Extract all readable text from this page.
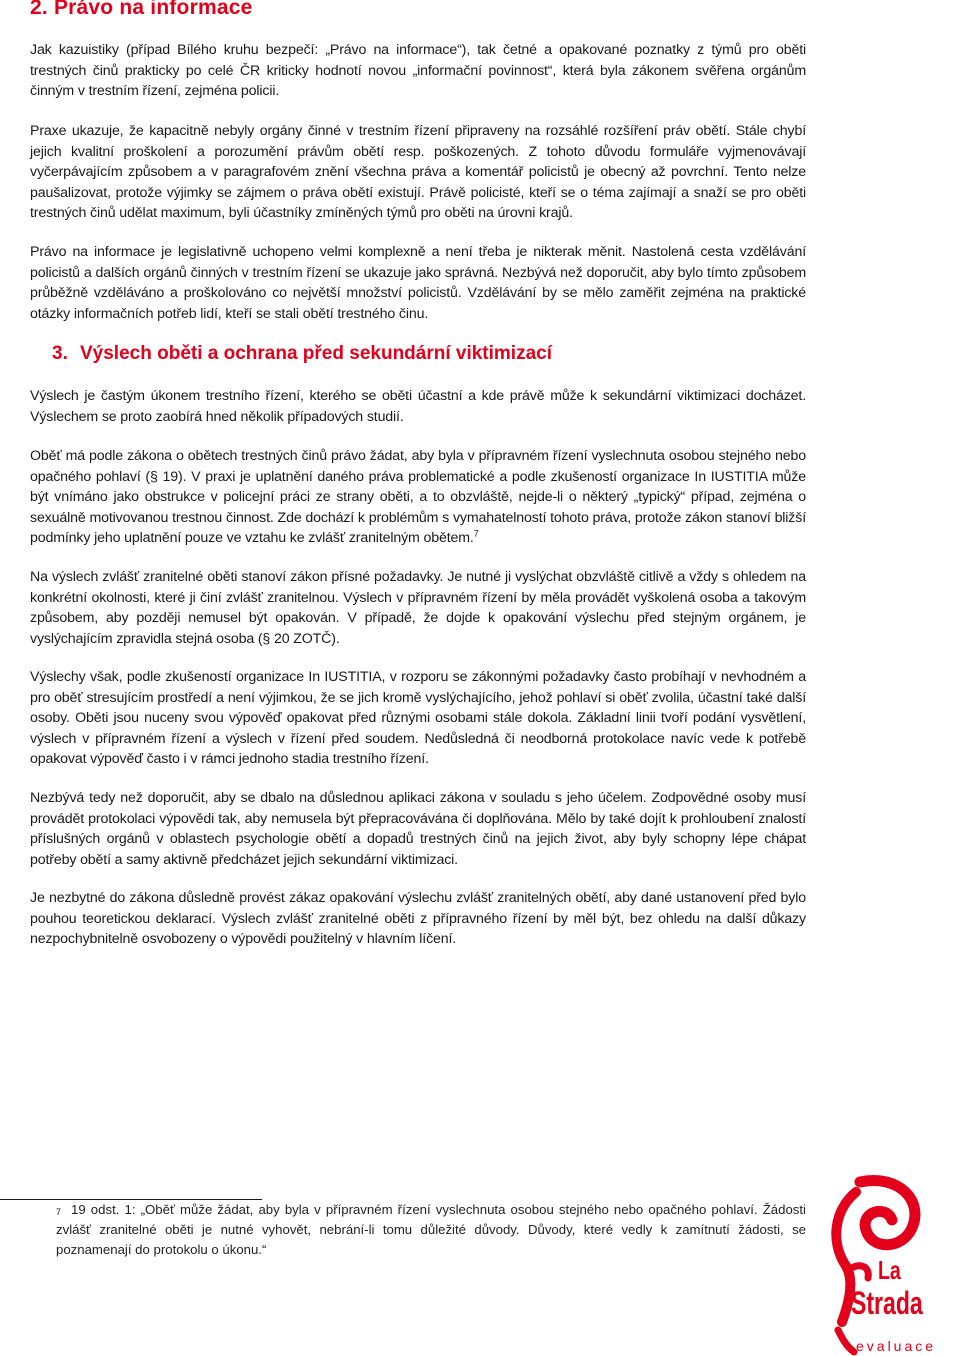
2. Právo na informace

Jak kazuistiky (případ Bílého kruhu bezpečí: „Právo na informace“), tak četné a opakované poznatky z týmů pro oběti trestných činů prakticky po celé ČR kriticky hodnotí novou „informační povinnost“, která byla zákonem svěřena orgánům činným v trestním řízení, zejména policii.

Praxe ukazuje, že kapacitně nebyly orgány činné v trestním řízení připraveny na rozsáhlé rozšíření práv obětí. Stále chybí jejich kvalitní proškolení a porozumění právům obětí resp. poškozených. Z tohoto důvodu formuláře vyjmenovávají vyčerpávajícím způsobem a v paragrafovém znění všechna práva a komentář policistů je obecný až povrchní. Tento nelze paušalizovat, protože výjimky se zájmem o práva obětí existují. Právě policisté, kteří se o téma zajímají a snaží se pro oběti trestných činů udělat maximum, byli účastníky zmíněných týmů pro oběti na úrovni krajů.

Právo na informace je legislativně uchopeno velmi komplexně a není třeba je nikterak měnit. Nastolená cesta vzdělávání policistů a dalších orgánů činných v trestním řízení se ukazuje jako správná. Nezbývá než doporučit, aby bylo tímto způsobem průběžně vzděláváno a proškolováno co největší množství policistů. Vzdělávání by se mělo zaměřit zejména na praktické otázky informačních potřeb lidí, kteří se stali obětí trestného činu.

3. Výslech oběti a ochrana před sekundární viktimizací

Výslech je častým úkonem trestního řízení, kterého se oběti účastní a kde právě může k sekundární viktimizaci docházet. Výslechem se proto zaobírá hned několik případových studií.

Oběť má podle zákona o obětech trestných činů právo žádat, aby byla v přípravném řízení vyslechnuta osobou stejného nebo opačného pohlaví (§ 19). V praxi je uplatnění daného práva problematické a podle zkušeností organizace In IUSTITIA může být vnímáno jako obstrukce v policejní práci ze strany oběti, a to obzvláště, nejde-li o některý „typický“ případ, zejména o sexuálně motivovanou trestnou činnost. Zde dochází k problémům s vymahatelností tohoto práva, protože zákon stanoví bližší podmínky jeho uplatnění pouze ve vztahu ke zvlášť zranitelným obětem.$^7$

Na výslech zvlášť zranitelné oběti stanoví zákon přísné požadavky. Je nutné ji vyslýchat obzvláště citlivě a vždy s ohledem na konkrétní okolnosti, které ji činí zvlášť zranitelnou. Výslech v přípravném řízení by měla provádět vyškolená osoba a takovým způsobem, aby později nemusel být opakován. V případě, že dojde k opakování výslechu před stejným orgánem, je vyslýchajícím zpravidla stejná osoba (§ 20 ZOTČ).

Výslechy však, podle zkušeností organizace In IUSTITIA, v rozporu se zákonnými požadavky často probíhají v nevhodném a pro oběť stresujícím prostředí a není výjimkou, že se jich kromě vyslýchajícího, jehož pohlaví si oběť zvolila, účastní také další osoby. Oběti jsou nuceny svou výpověď opakovat před různými osobami stále dokola. Základní linii tvoří podání vysvětlení, výslech v přípravném řízení a výslech v řízení před soudem. Nedůsledná či neodborná protokolace navíc vede k potřebě opakovat výpověď často i v rámci jednoho stadia trestního řízení.

Nezbývá tedy než doporučit, aby se dbalo na důslednou aplikaci zákona v souladu s jeho účelem. Zodpovědné osoby musí provádět protokolaci výpovědi tak, aby nemusela být přepracovávána či doplňována. Mělo by také dojít k prohloubení znalostí příslušných orgánů v oblastech psychologie obětí a dopadů trestných činů na jejich život, aby byly schopny lépe chápat potřeby obětí a samy aktivně předcházet jejich sekundární viktimizaci.

Je nezbytné do zákona důsledně provést zákaz opakování výslechu zvlášť zranitelných obětí, aby dané ustanovení před bylo pouhou teoretickou deklarací. Výslech zvlášť zranitelné oběti z přípravného řízení by měl být, bez ohledu na další důkazy nezpochybnitelně osvobozeny o výpovědi použitelný v hlavním líčení.

$^7$ 19 odst. 1: „Oběť může žádat, aby byla v přípravném řízení vyslechnuta osobou stejného nebo opačného pohlaví. Žádosti zvlášť zranitelné oběti je nutné vyhovět, nebrání-li tomu důležité důvody. Důvody, které vedly k zamítnutí žádosti, se poznamenají do protokolu o úkonu.“

La
Strada
evaluace
